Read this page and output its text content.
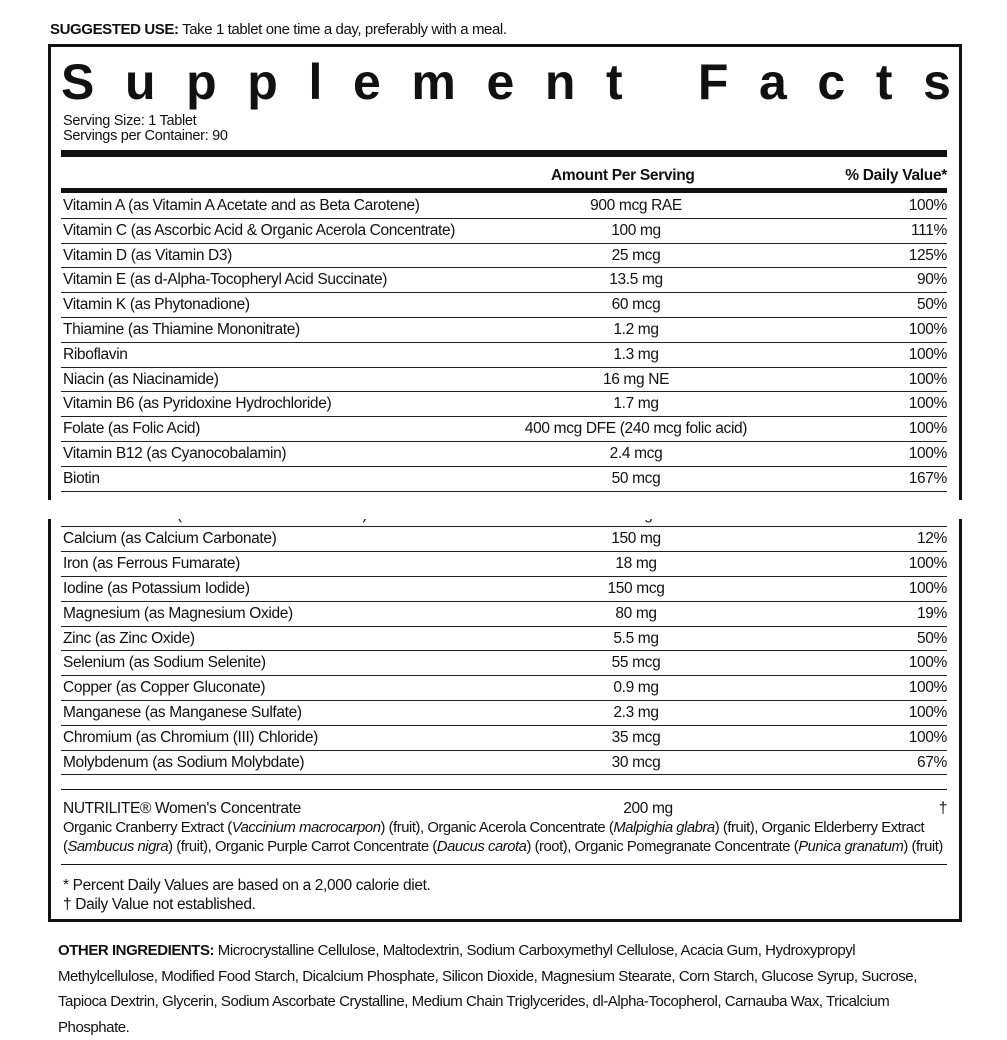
SUGGESTED USE: Take 1 tablet one time a day, preferably with a meal.
S u p p l e m e n t
F a c t s
Serving Size: 1 Tablet
Servings per Container: 90
Amount Per Serving	% Daily Value*
Vitamin A (as Vitamin A Acetate and as Beta Carotene)	900 mcg RAE	100%
Vitamin C (as Ascorbic Acid & Organic Acerola Concentrate)	100 mg	111%
Vitamin D (as Vitamin D3)	25 mcg	125%
Vitamin E (as d-Alpha-Tocopheryl Acid Succinate)	13.5 mg	90%
Vitamin K (as Phytonadione)	60 mcg	50%
Thiamine (as Thiamine Mononitrate)	1.2 mg	100%
Riboflavin	1.3 mg	100%
Niacin (as Niacinamide)	16 mg NE	100%
Vitamin B6 (as Pyridoxine Hydrochloride)	1.7 mg	100%
Folate (as Folic Acid)	400 mcg DFE (240 mcg folic acid)	100%
Vitamin B12 (as Cyanocobalamin)	2.4 mcg	100%
Biotin	50 mcg	167%
Calcium (as Calcium Carbonate)	150 mg	12%
Iron (as Ferrous Fumarate)	18 mg	100%
Iodine (as Potassium Iodide)	150 mcg	100%
Magnesium (as Magnesium Oxide)	80 mg	19%
Zinc (as Zinc Oxide)	5.5 mg	50%
Selenium (as Sodium Selenite)	55 mcg	100%
Copper (as Copper Gluconate)	0.9 mg	100%
Manganese (as Manganese Sulfate)	2.3 mg	100%
Chromium (as Chromium (III) Chloride)	35 mcg	100%
Molybdenum (as Sodium Molybdate)	30 mcg	67%
NUTRILITE® Women's Concentrate	200 mg	†
Organic Cranberry Extract (Vaccinium macrocarpon) (fruit), Organic Acerola Concentrate (Malpighia glabra) (fruit), Organic Elderberry Extract (Sambucus nigra) (fruit), Organic Purple Carrot Concentrate (Daucus carota) (root), Organic Pomegranate Concentrate (Punica granatum) (fruit)
* Percent Daily Values are based on a 2,000 calorie diet.
† Daily Value not established.
OTHER INGREDIENTS: Microcrystalline Cellulose, Maltodextrin, Sodium Carboxymethyl Cellulose, Acacia Gum, Hydroxypropyl Methylcellulose, Modified Food Starch, Dicalcium Phosphate, Silicon Dioxide, Magnesium Stearate, Corn Starch, Glucose Syrup, Sucrose, Tapioca Dextrin, Glycerin, Sodium Ascorbate Crystalline, Medium Chain Triglycerides, dl-Alpha-Tocopherol, Carnauba Wax, Tricalcium Phosphate.
